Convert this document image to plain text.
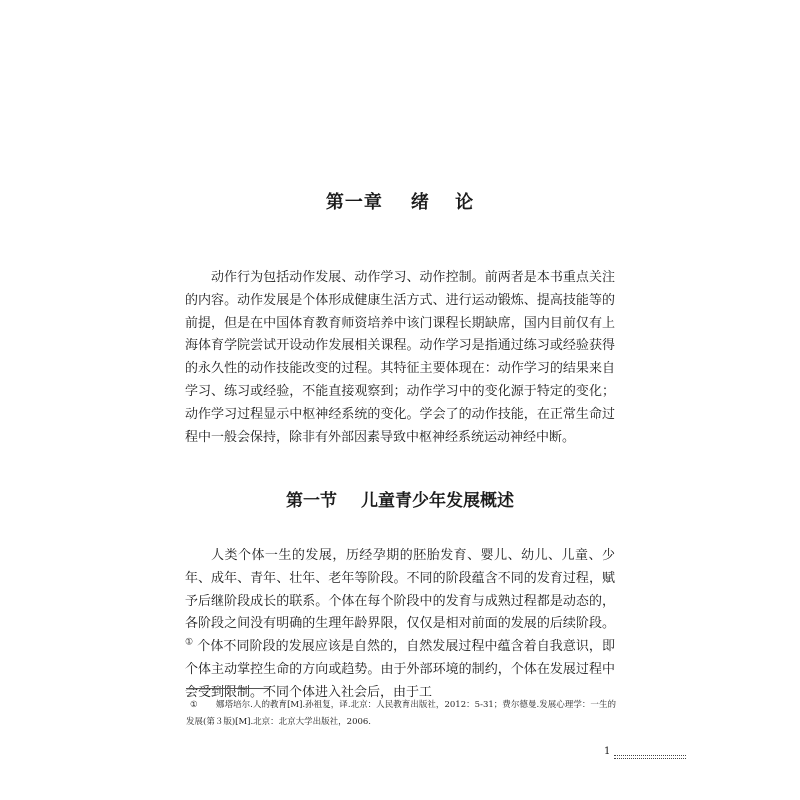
第一章 绪 论

动作行为包括动作发展、动作学习、动作控制。前两者是本书重点关注的内容。动作发展是个体形成健康生活方式、进行运动锻炼、提高技能等的前提，但是在中国体育教育师资培养中该门课程长期缺席，国内目前仅有上海体育学院尝试开设动作发展相关课程。动作学习是指通过练习或经验获得的永久性的动作技能改变的过程。其特征主要体现在：动作学习的结果来自学习、练习或经验，不能直接观察到；动作学习中的变化源于特定的变化；动作学习过程显示中枢神经系统的变化。学会了的动作技能，在正常生命过程中一般会保持，除非有外部因素导致中枢神经系统运动神经中断。

第一节 儿童青少年发展概述

人类个体一生的发展，历经孕期的胚胎发育、婴儿、幼儿、儿童、少年、成年、青年、壮年、老年等阶段。不同的阶段蕴含不同的发育过程，赋予后继阶段成长的联系。个体在每个阶段中的发育与成熟过程都是动态的，各阶段之间没有明确的生理年龄界限，仅仅是相对前面的发展的后续阶段。① 个体不同阶段的发展应该是自然的，自然发展过程中蕴含着自我意识，即个体主动掌控生命的方向或趋势。由于外部环境的制约，个体在发展过程中会受到限制。不同个体进入社会后，由于工

① 娜塔培尔.人的教育[M].孙祖复，译.北京：人民教育出版社，2012：5-31；费尔德曼.发展心理学：一生的发展(第３版)[M].北京：北京大学出版社，2006.
1
